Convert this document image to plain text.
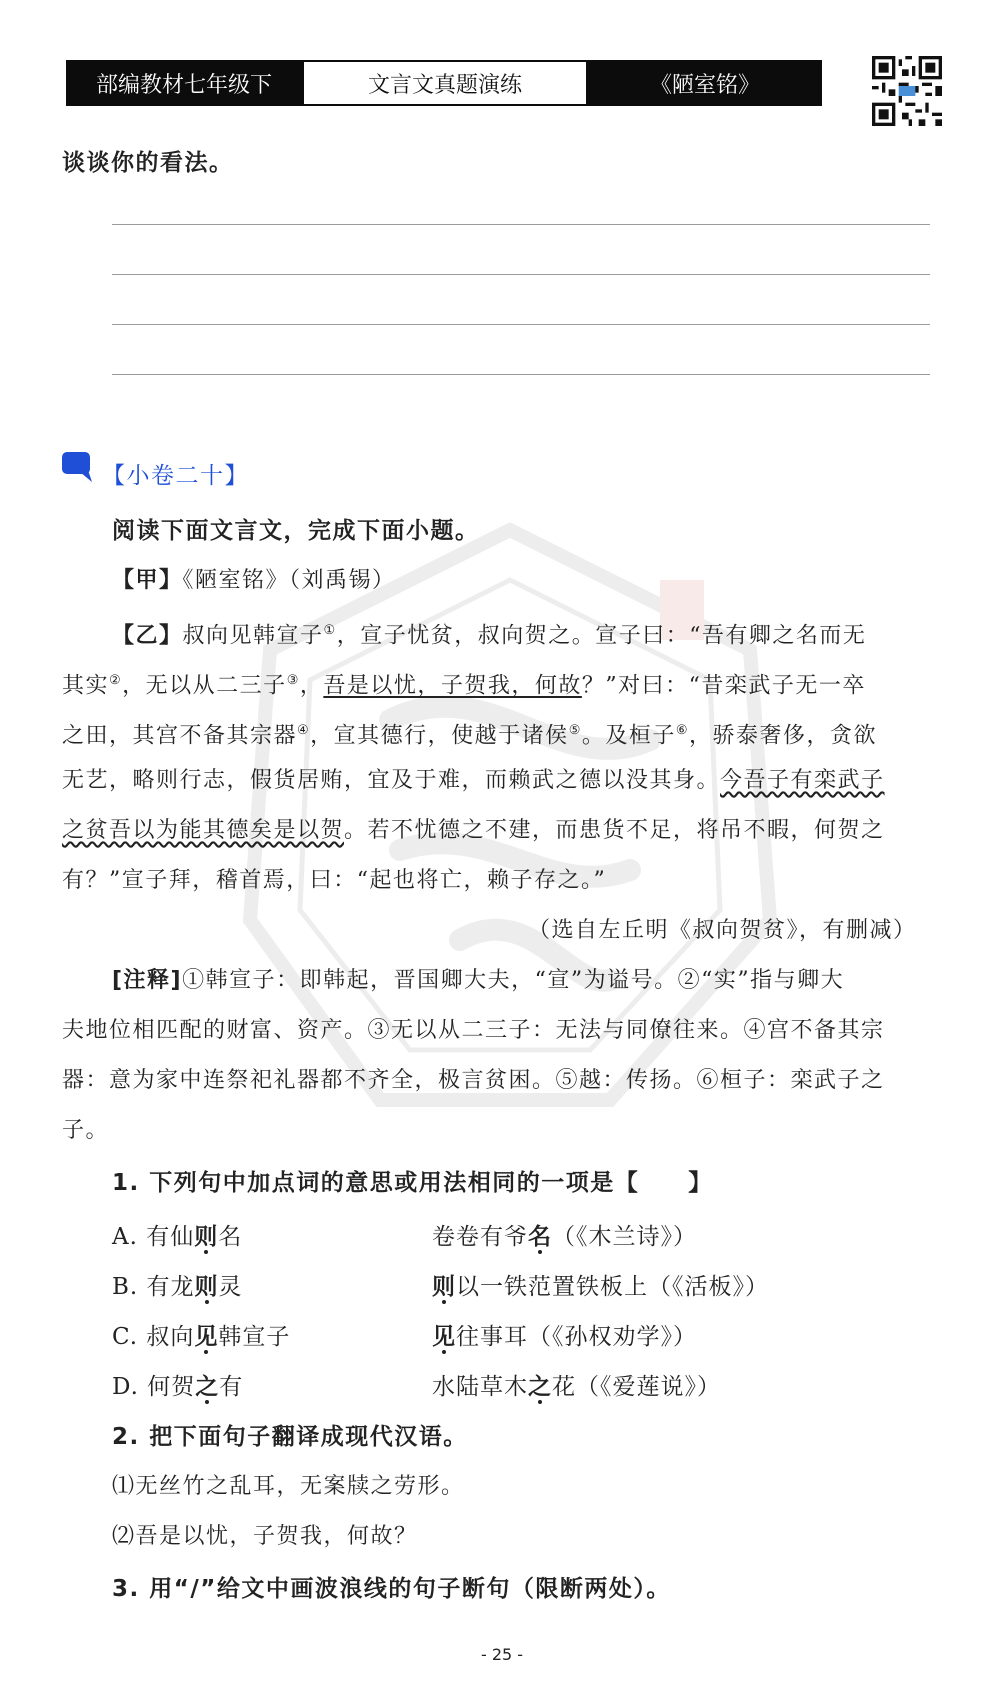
部编教材七年级下	文言文真题演练	《陋室铭》
谈谈你的看法。
【小卷二十】
阅读下面文言文，完成下面小题。
【甲】《陋室铭》（刘禹锡）
【乙】叔向见韩宣子①，宣子忧贫，叔向贺之。宣子曰：“吾有卿之名而无
其实②，无以从二三子③，吾是以忧，子贺我，何故？”对曰：“昔栾武子无一卒
之田，其宫不备其宗器④，宣其德行，使越于诸侯⑤。及桓子⑥，骄泰奢侈，贪欲
无艺，略则行志，假货居贿，宜及于难，而赖武之德以没其身。今吾子有栾武子
之贫吾以为能其德矣是以贺。若不忧德之不建，而患货不足，将吊不暇，何贺之
有？”宣子拜，稽首焉，曰：“起也将亡，赖子存之。”
（选自左丘明《叔向贺贫》，有删减）
[注释]①韩宣子：即韩起，晋国卿大夫，“宣”为谥号。②“实”指与卿大
夫地位相匹配的财富、资产。③无以从二三子：无法与同僚往来。④宫不备其宗
器：意为家中连祭祀礼器都不齐全，极言贫困。⑤越：传扬。⑥桓子：栾武子之
子。
1. 下列句中加点词的意思或用法相同的一项是【　　】
A. 有仙则名	卷卷有爷名（《木兰诗》）
B. 有龙则灵	则以一铁范置铁板上（《活板》）
C. 叔向见韩宣子	见往事耳（《孙权劝学》）
D. 何贺之有	水陆草木之花（《爱莲说》）
2. 把下面句子翻译成现代汉语。
⑴无丝竹之乱耳，无案牍之劳形。
⑵吾是以忧，子贺我，何故？
3. 用“/”给文中画波浪线的句子断句（限断两处）。
- 25 -
